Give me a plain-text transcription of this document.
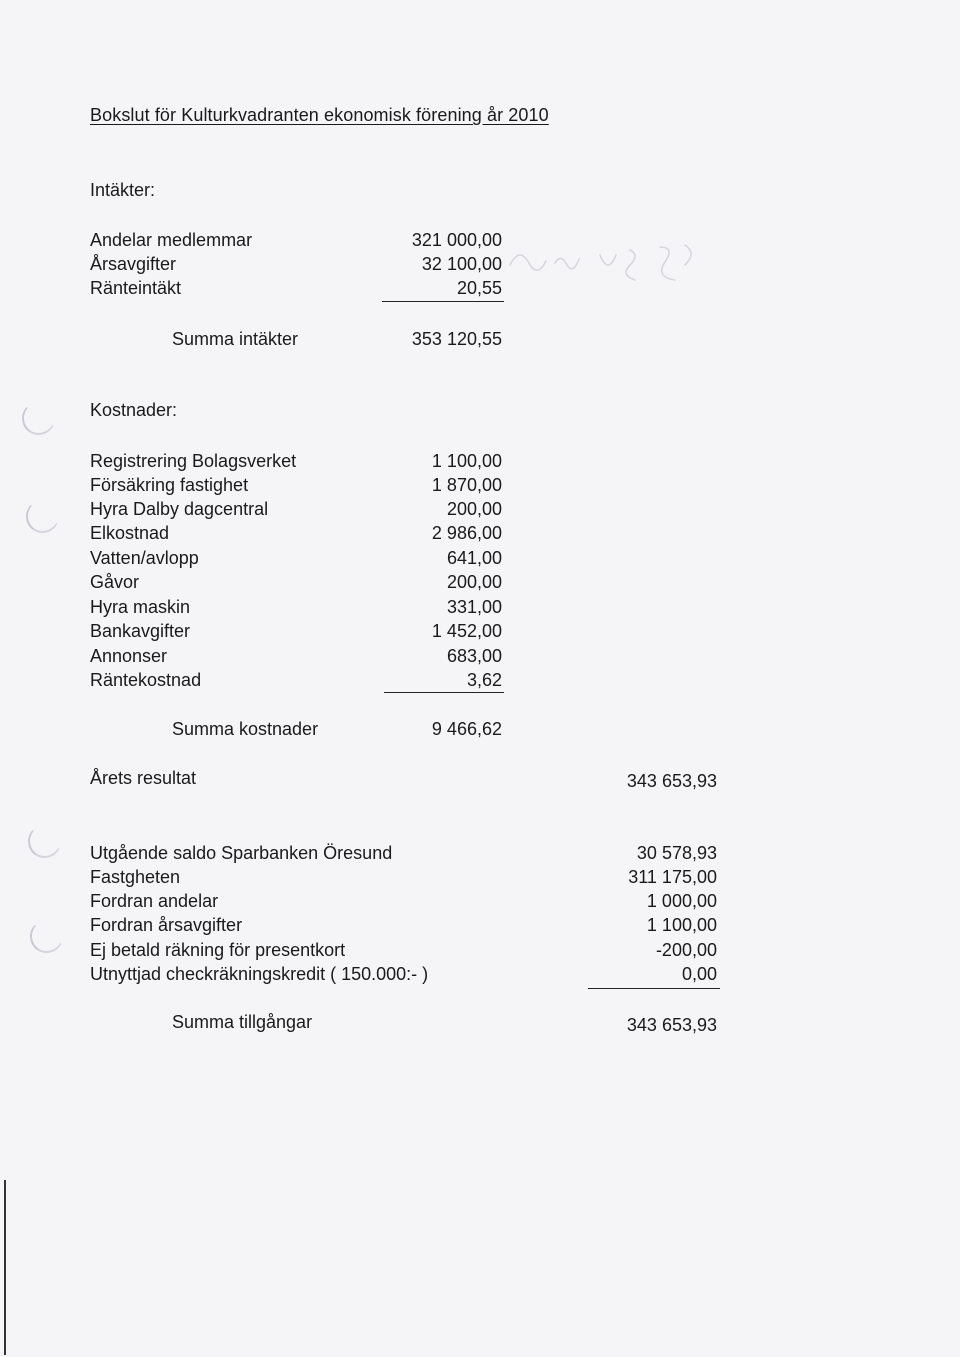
Bokslut för Kulturkvadranten ekonomisk förening år 2010
Intäkter:
Andelar medlemmar	321 000,00
Årsavgifter	32 100,00
Ränteintäkt	20,55
Summa intäkter	353 120,55
Kostnader:
Registrering Bolagsverket	1 100,00
Försäkring fastighet	1 870,00
Hyra Dalby dagcentral	200,00
Elkostnad	2 986,00
Vatten/avlopp	641,00
Gåvor	200,00
Hyra maskin	331,00
Bankavgifter	1 452,00
Annonser	683,00
Räntekostnad	3,62
Summa kostnader	9 466,62
Årets resultat	343 653,93
Utgående saldo Sparbanken Öresund	30 578,93
Fastgheten	311 175,00
Fordran andelar	1 000,00
Fordran årsavgifter	1 100,00
Ej betald räkning för presentkort	-200,00
Utnyttjad checkräkningskredit ( 150.000:- )	0,00
Summa tillgångar	343 653,93
